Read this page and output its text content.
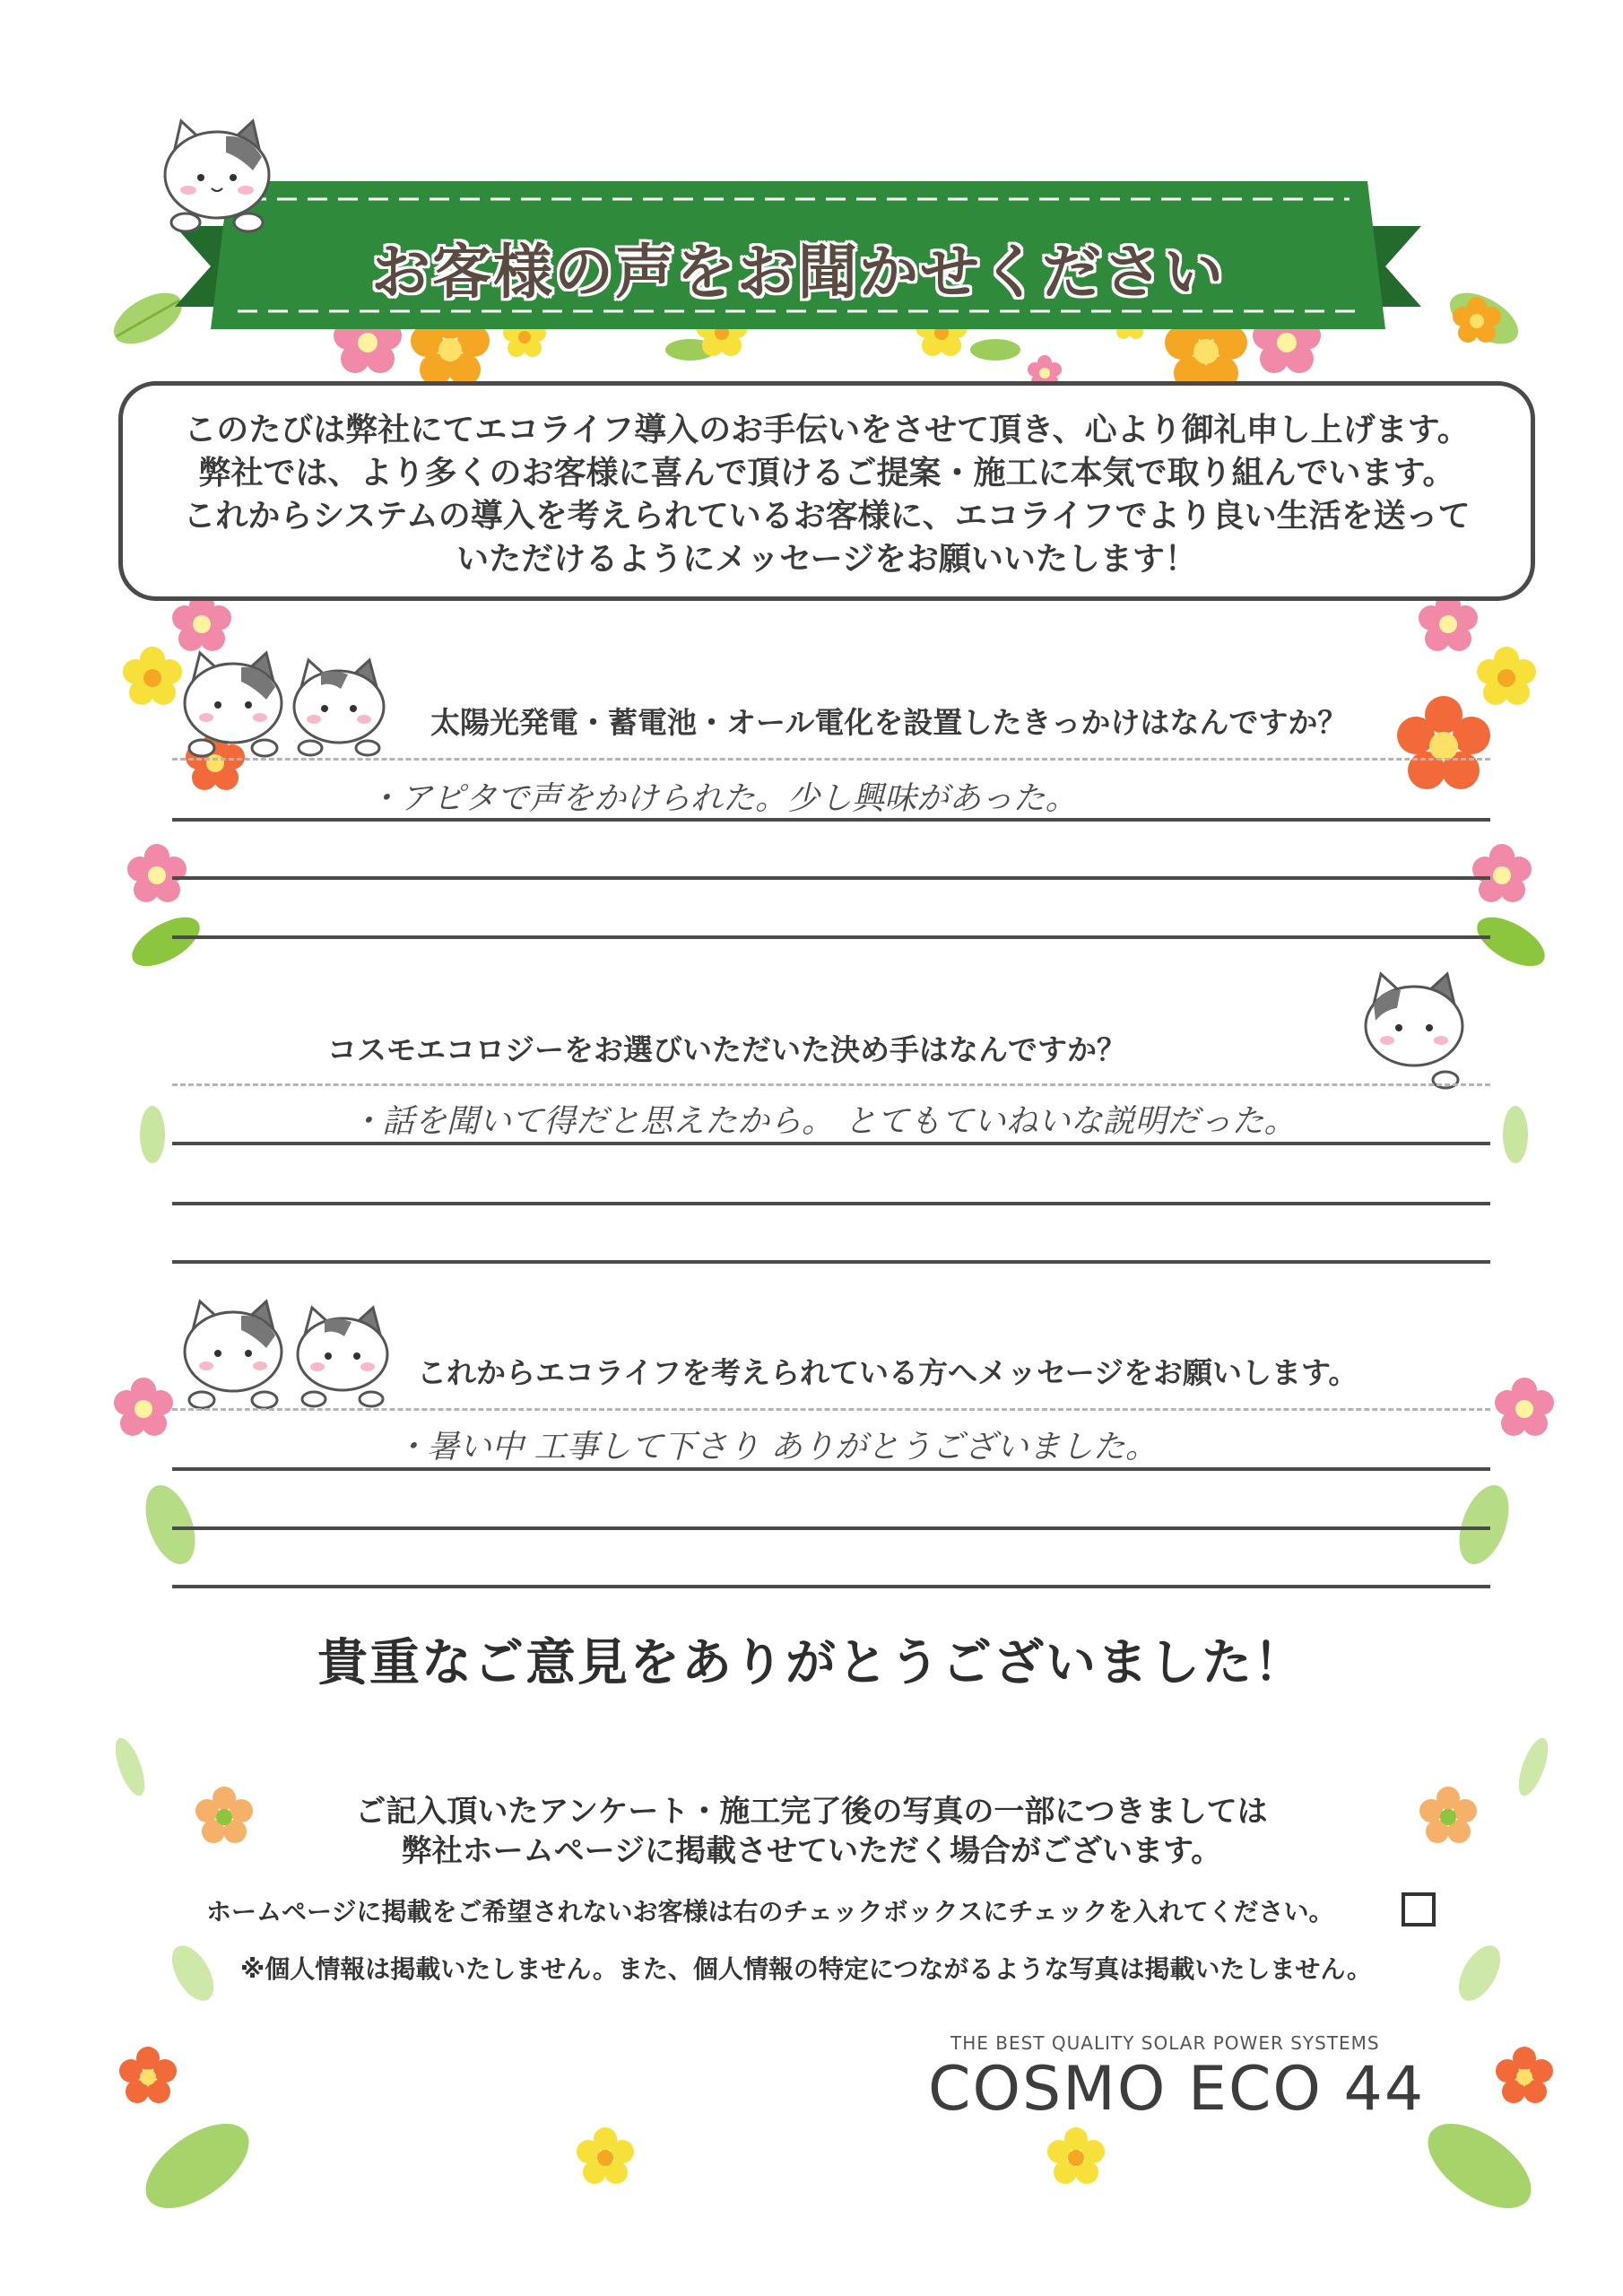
お客様の声をお聞かせください
このたびは弊社にてエコライフ導入のお手伝いをさせて頂き、心より御礼申し上げます。
弊社では、より多くのお客様に喜んで頂けるご提案・施工に本気で取り組んでいます。
これからシステムの導入を考えられているお客様に、エコライフでより良い生活を送って
いただけるようにメッセージをお願いいたします！
太陽光発電・蓄電池・オール電化を設置したきっかけはなんですか？
・アピタで声をかけられた。少し興味があった。
コスモエコロジーをお選びいただいた決め手はなんですか？
・話を聞いて得だと思えたから。 とてもていねいな説明だった。
これからエコライフを考えられている方へメッセージをお願いします。
・暑い中 工事して下さり ありがとうございました。
貴重なご意見をありがとうございました！
ご記入頂いたアンケート・施工完了後の写真の一部につきましては
弊社ホームページに掲載させていただく場合がございます。
ホームページに掲載をご希望されないお客様は右のチェックボックスにチェックを入れてください。
※個人情報は掲載いたしません。また、個人情報の特定につながるような写真は掲載いたしません。
THE BEST QUALITY SOLAR POWER SYSTEMS
COSMO ECO 44
